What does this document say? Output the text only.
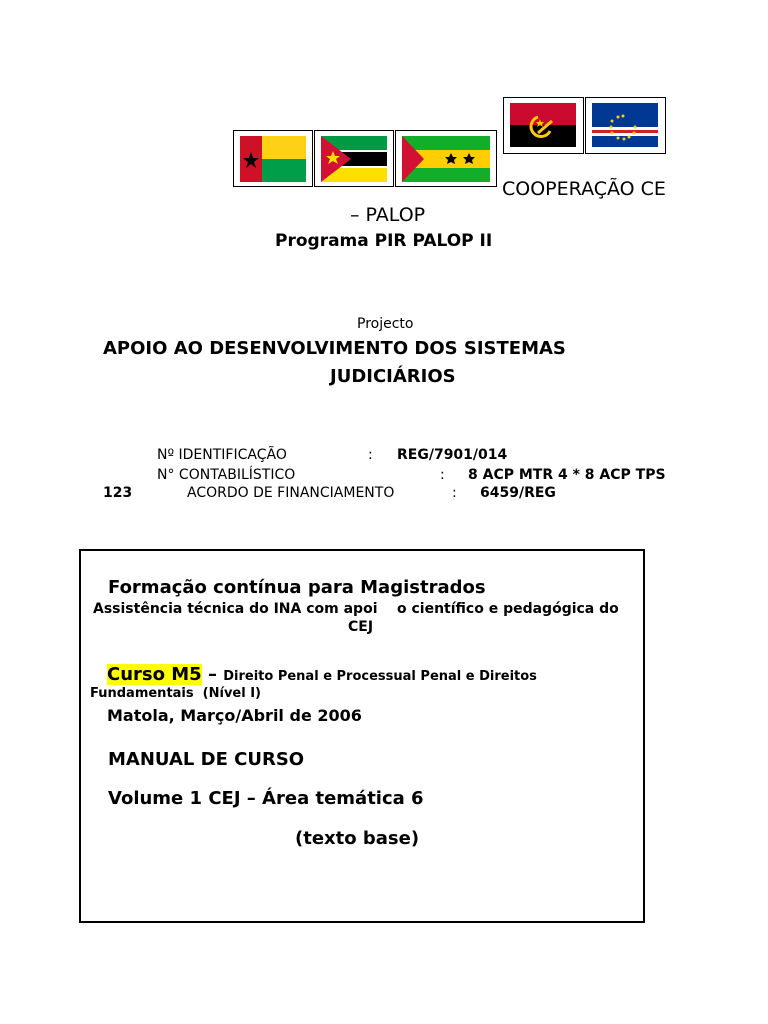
COOPERAÇÃO CE
– PALOP
Programa PIR PALOP II
Projecto
APOIO AO DESENVOLVIMENTO DOS SISTEMAS
JUDICIÁRIOS
Nº IDENTIFICAÇÃO	: REG/7901/014
N° CONTABILÍSTICO	: 8 ACP MTR 4 * 8 ACP TPS
123	ACORDO DE FINANCIAMENTO	: 6459/REG
Formação contínua para Magistrados
Assistência técnica do INA com apoi    o científico e pedagógica do
CEJ
Curso M5 – Direito Penal e Processual Penal e Direitos
Fundamentais  (Nível I)
Matola, Março/Abril de 2006
MANUAL DE CURSO
Volume 1 CEJ – Área temática 6
(texto base)
